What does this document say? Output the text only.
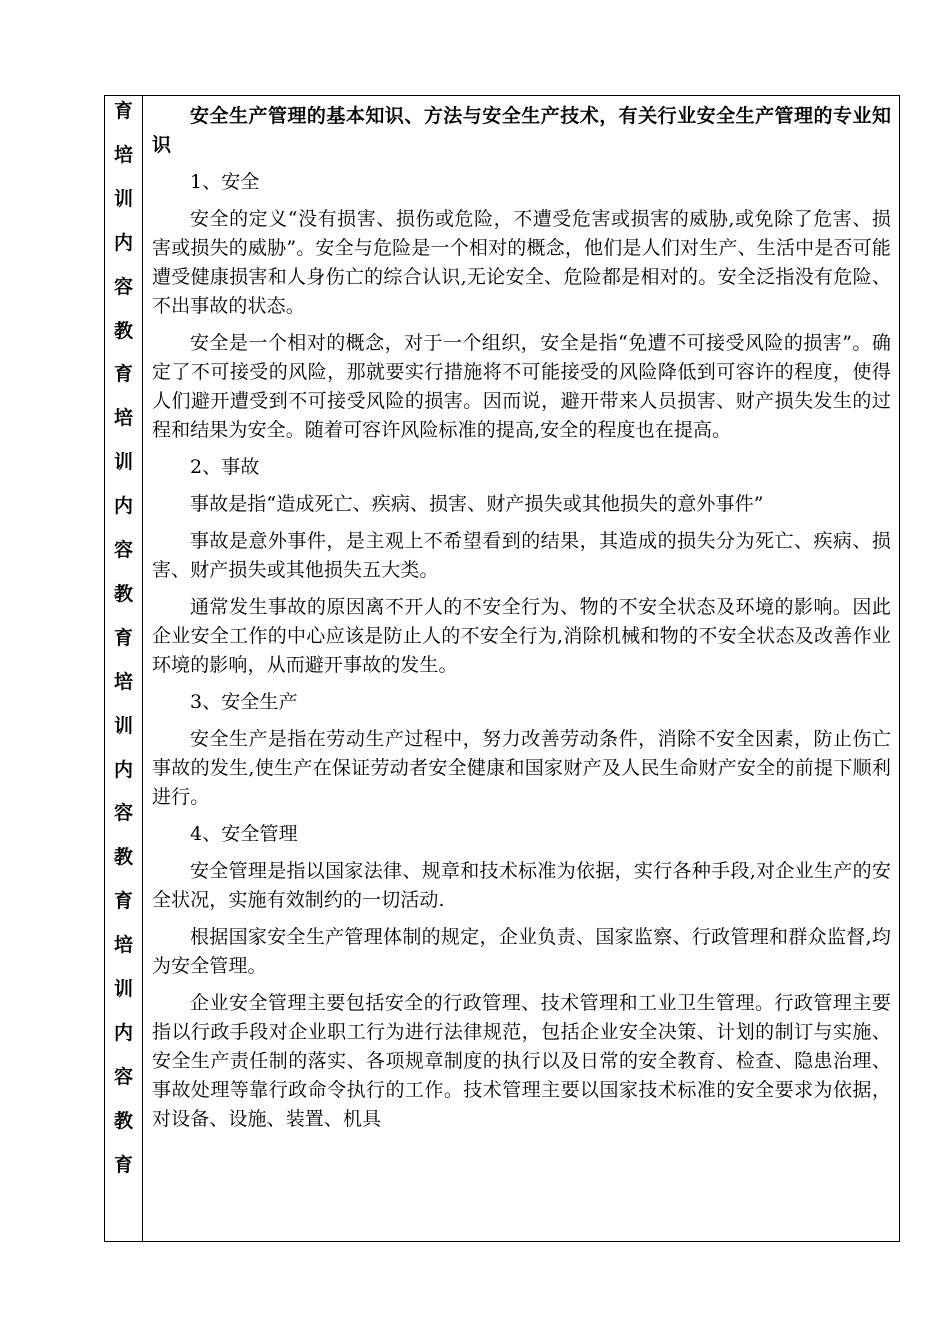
育
培
训
内
容
教
育
培
训
内
容
教
育
培
训
内
容
教
育
培
训
内
容
教
育

安全生产管理的基本知识、方法与安全生产技术，有关行业安全生产管理的专业知识

1、安全

安全的定义“没有损害、损伤或危险，不遭受危害或损害的威胁,或免除了危害、损害或损失的威胁”。安全与危险是一个相对的概念，他们是人们对生产、生活中是否可能遭受健康损害和人身伤亡的综合认识,无论安全、危险都是相对的。安全泛指没有危险、不出事故的状态。

安全是一个相对的概念，对于一个组织，安全是指“免遭不可接受风险的损害”。确定了不可接受的风险，那就要实行措施将不可能接受的风险降低到可容许的程度，使得人们避开遭受到不可接受风险的损害。因而说，避开带来人员损害、财产损失发生的过程和结果为安全。随着可容许风险标准的提高,安全的程度也在提高。

2、事故

事故是指“造成死亡、疾病、损害、财产损失或其他损失的意外事件”

事故是意外事件，是主观上不希望看到的结果，其造成的损失分为死亡、疾病、损害、财产损失或其他损失五大类。

通常发生事故的原因离不开人的不安全行为、物的不安全状态及环境的影响。因此企业安全工作的中心应该是防止人的不安全行为,消除机械和物的不安全状态及改善作业环境的影响，从而避开事故的发生。

3、安全生产

安全生产是指在劳动生产过程中，努力改善劳动条件，消除不安全因素，防止伤亡事故的发生,使生产在保证劳动者安全健康和国家财产及人民生命财产安全的前提下顺利进行。

4、安全管理

安全管理是指以国家法律、规章和技术标准为依据，实行各种手段,对企业生产的安全状况，实施有效制约的一切活动.

根据国家安全生产管理体制的规定，企业负责、国家监察、行政管理和群众监督,均为安全管理。

企业安全管理主要包括安全的行政管理、技术管理和工业卫生管理。行政管理主要指以行政手段对企业职工行为进行法律规范，包括企业安全决策、计划的制订与实施、安全生产责任制的落实、各项规章制度的执行以及日常的安全教育、检查、隐患治理、事故处理等靠行政命令执行的工作。技术管理主要以国家技术标准的安全要求为依据，对设备、设施、装置、机具
